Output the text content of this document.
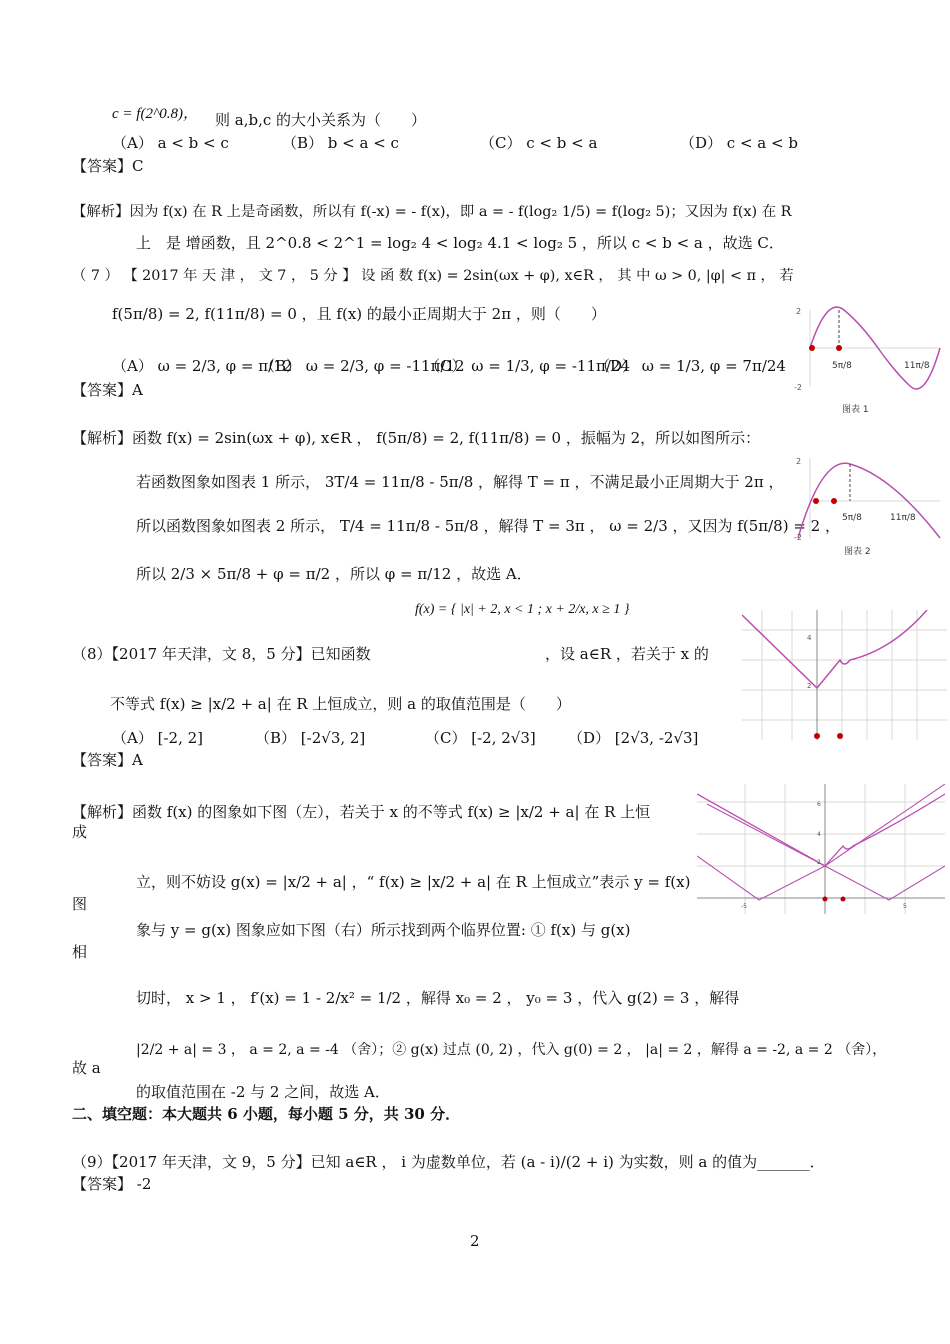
c = f(2^0.8)， 则 a,b,c 的大小关系为（　　）
（A） a < b < c	（B） b < a < c	（C） c < b < a	（D） c < a < b
【答案】C
【解析】因为 f(x) 在 R 上是奇函数，所以有 f(-x) = - f(x)，即 a = - f(log₂ 1/5) = f(log₂ 5)；又因为 f(x) 在 R
上　是 增函数，且 2^0.8 < 2^1 = log₂ 4 < log₂ 4.1 < log₂ 5 ，所以 c < b < a ，故选 C．
（ 7 ） 【 2017 年 天 津 ， 文 7 ， 5 分 】 设 函 数 f(x) = 2sin(ωx + φ), x∈R ， 其 中 ω > 0, |φ| < π ， 若
f(5π/8) = 2, f(11π/8) = 0 ，且 f(x) 的最小正周期大于 2π ，则（　　）
（A） ω = 2/3, φ = π/12
（B） ω = 2/3, φ = -11π/12
（C） ω = 1/3, φ = -11π/24
（D） ω = 1/3, φ = 7π/24
【答案】A
【解析】函数 f(x) = 2sin(ωx + φ), x∈R ， f(5π/8) = 2, f(11π/8) = 0 ，振幅为 2，所以如图所示：
若函数图象如图表 1 所示， 3T/4 = 11π/8 - 5π/8 ，解得 T = π ，不满足最小正周期大于 2π ，
所以函数图象如图表 2 所示， T/4 = 11π/8 - 5π/8 ，解得 T = 3π ， ω = 2/3 ，又因为 f(5π/8) = 2 ，
所以 2/3 × 5π/8 + φ = π/2 ，所以 φ = π/12 ，故选 A．
2
-2
5π/8	11π/8
图表 1
2
-2
5π/8	11π/8
图表 2
f(x) = { |x| + 2, x < 1 ; x + 2/x, x ≥ 1 }
（8）【2017 年天津，文 8，5 分】已知函数	，设 a∈R ，若关于 x 的
不等式 f(x) ≥ |x/2 + a| 在 R 上恒成立，则 a 的取值范围是（　　）
（A） [-2, 2]	（B） [-2√3, 2]	（C） [-2, 2√3] （D） [2√3, -2√3]
【答案】A
4
2
【解析】函数 f(x) 的图象如下图（左），若关于 x 的不等式 f(x) ≥ |x/2 + a| 在 R 上恒
成
立，则不妨设 g(x) = |x/2 + a| ，“ f(x) ≥ |x/2 + a| 在 R 上恒成立”表示 y = f(x)
图
象与 y = g(x) 图象应如下图（右）所示找到两个临界位置: ① f(x) 与 g(x)
相
切时， x > 1 ， f′(x) = 1 - 2/x² = 1/2 ，解得 x₀ = 2 ， y₀ = 3 ，代入 g(2) = 3 ，解得
|2/2 + a| = 3 ， a = 2, a = -4 （舍）；② g(x) 过点 (0, 2) ，代入 g(0) = 2 ， |a| = 2 ，解得 a = -2, a = 2 （舍），
故 a
的取值范围在 -2 与 2 之间，故选 A．
6
4
2
-5	5
二、填空题：本大题共 6 小题，每小题 5 分，共 30 分．
（9）【2017 年天津，文 9，5 分】已知 a∈R ， i 为虚数单位，若 (a - i)/(2 + i) 为实数，则 a 的值为_______．
【答案】 -2
2
